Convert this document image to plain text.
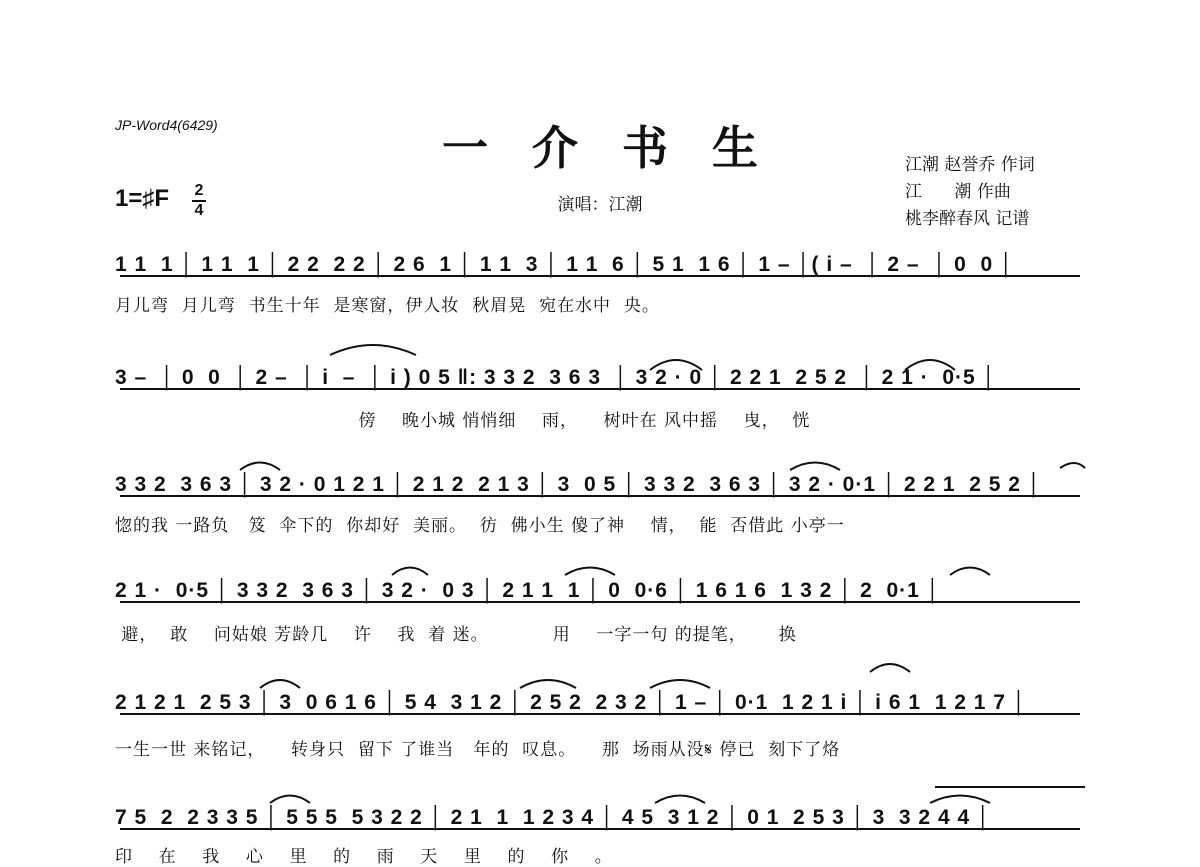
JP-Word4(6429)	一介书生
演唱：江潮
江潮 赵誉乔 作词
江      潮 作曲
桃李醉春风 记谱
1=♯F 2
4
1 1  1 │ 1 1  1 │ 2 2  2 2 │ 2 6  1 │ 1 1  3 │ 1 1  6 │ 5 1  1 6 │ 1 – │( i –  │ 2 –  │ 0  0 │
月儿弯  月儿弯  书生十年  是寒窗，伊人妆  秋眉晃  宛在水中  央。
3 –  │ 0  0  │ 2 –  │ i  –  │ i ) 0 5 ‖: 3 3 2  3 6 3  │ 3 2 · 0 │ 2 2 1  2 5 2  │ 2 1 ·  0·5 │
傍    晚小城 悄悄细    雨，    树叶在 风中摇    曳，  恍
3 3 2  3 6 3 │ 3 2 · 0 1 2 1 │ 2 1 2  2 1 3 │ 3  0 5 │ 3 3 2  3 6 3 │ 3 2 · 0·1 │ 2 2 1  2 5 2 │
惚的我 一路负   笈  伞下的  你却好  美丽。  彷  佛小生 傻了神    情，  能  否借此 小亭一
2 1 ·  0·5 │ 3 3 2  3 6 3 │ 3 2 ·  0 3 │ 2 1 1  1 │ 0  0·6 │ 1 6 1 6  1 3 2 │ 2  0·1 │
避，  敢    问姑娘 芳龄几    许    我  着 迷。          用    一字一句 的提笔，     换
2 1 2 1  2 5 3 │ 3  0 6 1 6 │ 5 4  3 1 2 │ 2 5 2  2 3 2 │ 1 – │ 0·1  1 2 1 i │ i 6 1  1 2 1 7 │
一生一世 来铭记，    转身只  留下 了谁当   年的  叹息。    那  场雨从没𝄋 停已  刻下了烙
7 5  2  2 3 3 5 │ 5 5 5  5 3 2 2 │ 2 1  1  1 2 3 4 │ 4 5  3 1 2 │ 0 1  2 5 3 │ 3  3 2 4 4 │
印    在    我    心    里    的    雨    天    里    的    你    。
